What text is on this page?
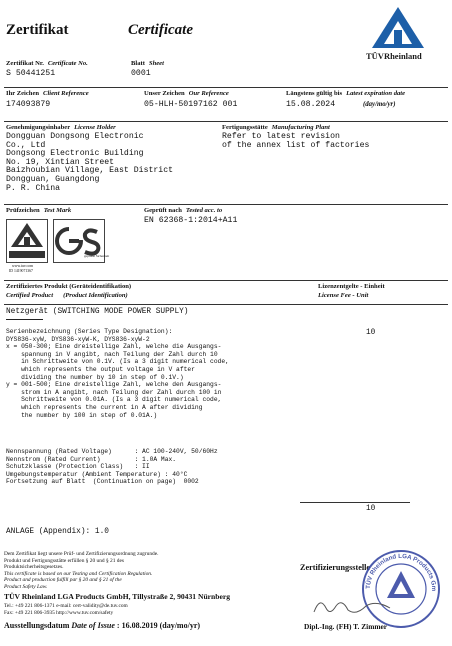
Zertifikat	Certificate
TÜVRheinland
Zertifikat Nr. Certificate No.
S 50441251
Blatt Sheet
0001
Ihr Zeichen Client Reference
174093879
Unser Zeichen Our Reference
05-HLH-50197162 001
Längstens gültig bis Latest expiration date
15.08.2024	(day/mo/yr)
Genehmigungsinhaber License Holder
Dongguan Dongsong Electronic
Co., Ltd
Dongsong Electronic Building
No. 19, Xintian Street
Baizhoubian Village, East District
Dongguan, Guangdong
P. R. China
Fertigungsstätte Manufacturing Plant
Refer to latest revision
of the annex list of factories
Prüfzeichen Test Mark
geprüfte Sicherheit
www.tuv.com
ID 1419071367
Geprüft nach Tested acc. to
EN 62368-1:2014+A11
Zertifiziertes Produkt (Geräteidentifikation)
Certified Product (Product Identification)
Lizenzentgelte - Einheit
License Fee - Unit
Netzgerät (SWITCHING MODE POWER SUPPLY)
Serienbezeichnung (Series Type Designation):
DYS836-xyW, DYS836-xyW-K, DYS836-xyW-2
x = 050-300; Eine dreistellige Zahl, welche die Ausgangs-
spannung in V angibt, nach Teilung der Zahl durch 10
in Schrittweite von 0.1V. (Is a 3 digit numerical code,
which represents the output voltage in V after
dividing the number by 10 in step of 0.1V.)
y = 001-500; Eine dreistellige Zahl, welche den Ausgangs-
strom in A angibt, nach Teilung der Zahl durch 100 in
Schrittweite von 0.01A. (Is a 3 digit numerical code,
which represents the current in A after dividing
the number by 100 in step of 0.01A.)
10
Nennspannung (Rated Voltage)      : AC 100-240V, 50/60Hz
Nennstrom (Rated Current)         : 1.0A Max.
Schutzklasse (Protection Class)   : II
Umgebungstemperatur (Ambient Temperature) : 40°C
Fortsetzung auf Blatt  (Continuation on page)  0002
10
ANLAGE (Appendix): 1.0
Dem Zertifikat liegt unsere Prüf- und Zertifizierungsordnung zugrunde.
Produkt und Fertigungsstätte erfüllen § 20 und § 21 des
Produktsicherheitsgesetzes.
This certificate is based on our Testing and Certification Regulation.
Product and production fulfill par § 20 and § 21 of the
Product Safety Law.
TÜV Rheinland LGA Products GmbH, Tillystraße 2, 90431 Nürnberg
Tel.: +49 221 806-1371 e-mail: cert-validity@de.tuv.com
Fax: +49 221 806-3935 http://www.tuv.com/safety
Ausstellungsdatum Date of Issue : 16.08.2019 (day/mo/yr)
Zertifizierungsstelle
TÜV Rheinland LGA Products Gm
Dipl.-Ing. (FH) T. Zimmer
